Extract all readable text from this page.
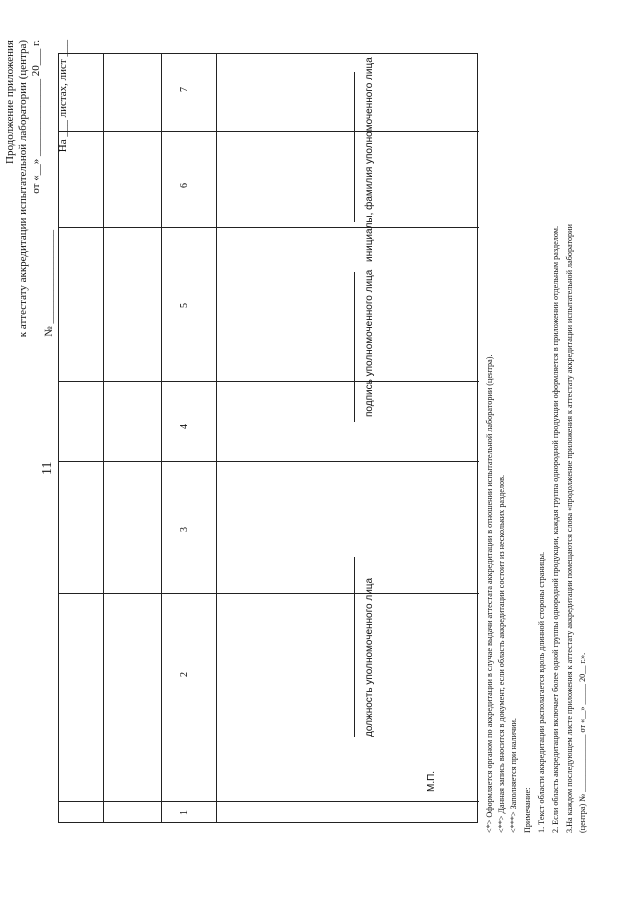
11
Продолжение приложения к аттестату аккредитации испытательной лаборатории (центра) от «__» ______________ 20___ г.
№ _________________
На ___ листах, лист ___
1
2
3
4
5
6
7
должность уполномоченного лица
подпись уполномоченного лица
инициалы, фамилия уполномоченного лица
М.П.	<*> Оформляется органом по аккредитации в случае выдачи аттестата аккредитации в отношении испытательной лаборатории (центра). <**> Данная запись вносится в документ, если область аккредитации состоит из нескольких разделов. <***> Заполняется при наличии. Примечание: 1. Текст области аккредитации располагается вдоль длинной стороны страницы. 2. Если область аккредитации включает более одной группы однородной продукции, каждая группа однородной продукции оформляется в приложении отдельным разделом. 3.На каждом последующем листе приложения к аттестату аккредитации помещаются слова «продолжение приложения к аттестату аккредитации испытательной лаборатории (центра) № ______________ от «__» _____ 20__ г.».
